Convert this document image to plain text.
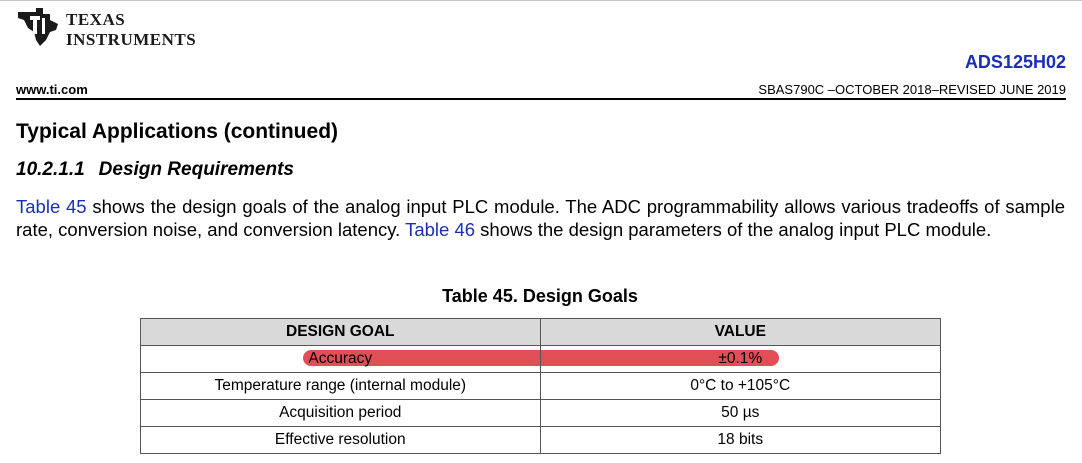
TEXAS
INSTRUMENTS
ADS125H02
www.ti.com	SBAS790C –OCTOBER 2018–REVISED JUNE 2019
Typical Applications (continued)
10.2.1.1 Design Requirements

Table 45 shows the design goals of the analog input PLC module. The ADC programmability allows various tradeoffs of sample rate, conversion noise, and conversion latency. Table 46 shows the design parameters of the analog input PLC module.

Table 45. Design Goals

DESIGN GOAL	VALUE
Accuracy	±0.1%
Temperature range (internal module)	0°C to +105°C
Acquisition period	50 µs
Effective resolution	18 bits
